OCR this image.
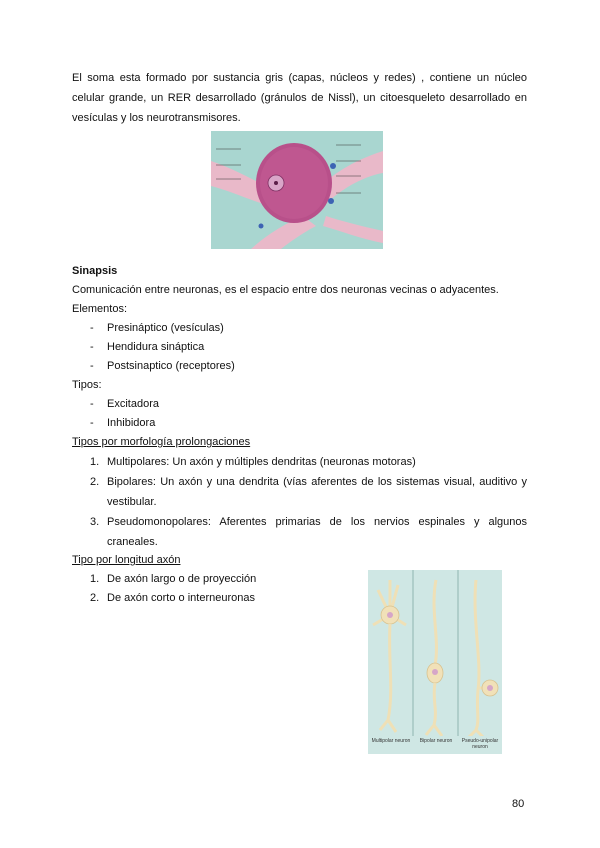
El soma esta formado por sustancia gris (capas, núcleos y redes) , contiene un núcleo
celular grande, un RER desarrollado (gránulos de Nissl), un citoesqueleto desarrollado en
vesículas y los neurotransmisores.
Sinapsis
Comunicación entre neuronas, es el espacio entre dos neuronas vecinas o adyacentes.
Elementos:
- Presináptico (vesículas)
- Hendidura sináptica
- Postsinaptico (receptores)
Tipos:
- Excitadora
- Inhibidora
Tipos por morfología prolongaciones
1. Multipolares: Un axón y múltiples dendritas (neuronas motoras)
2. Bipolares: Un axón y una dendrita (vías aferentes de los sistemas visual, auditivo y
vestibular.
3. Pseudomonopolares: Aferentes primarias de los nervios espinales y algunos
craneales.
Tipo por longitud axón
1. De axón largo o de proyección
2. De axón corto o interneuronas
Multipolar neuron	Bipolar neuron	Pseudo-unipolar neuron
80
